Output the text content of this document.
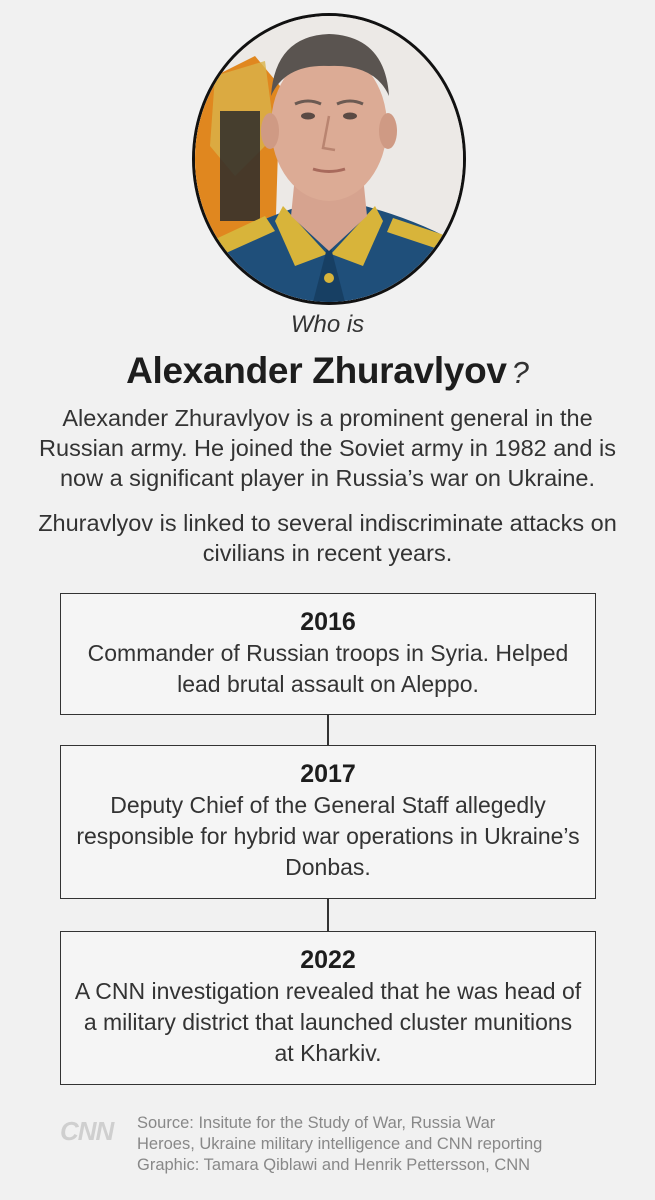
Who is
Alexander Zhuravlyov ?
Alexander Zhuravlyov is a prominent general in the Russian army. He joined the Soviet army in 1982 and is now a significant player in Russia’s war on Ukraine.
Zhuravlyov is linked to several indiscriminate attacks on civilians in recent years.
2016
Commander of Russian troops in Syria. Helped lead brutal assault on Aleppo.
2017
Deputy Chief of the General Staff allegedly responsible for hybrid war operations in Ukraine’s Donbas.
2022
A CNN investigation revealed that he was head of a military district that launched cluster munitions at Kharkiv.
CNN Source: Insitute for the Study of War, Russia War
Heroes, Ukraine military intelligence and CNN reporting
Graphic: Tamara Qiblawi and Henrik Pettersson, CNN
